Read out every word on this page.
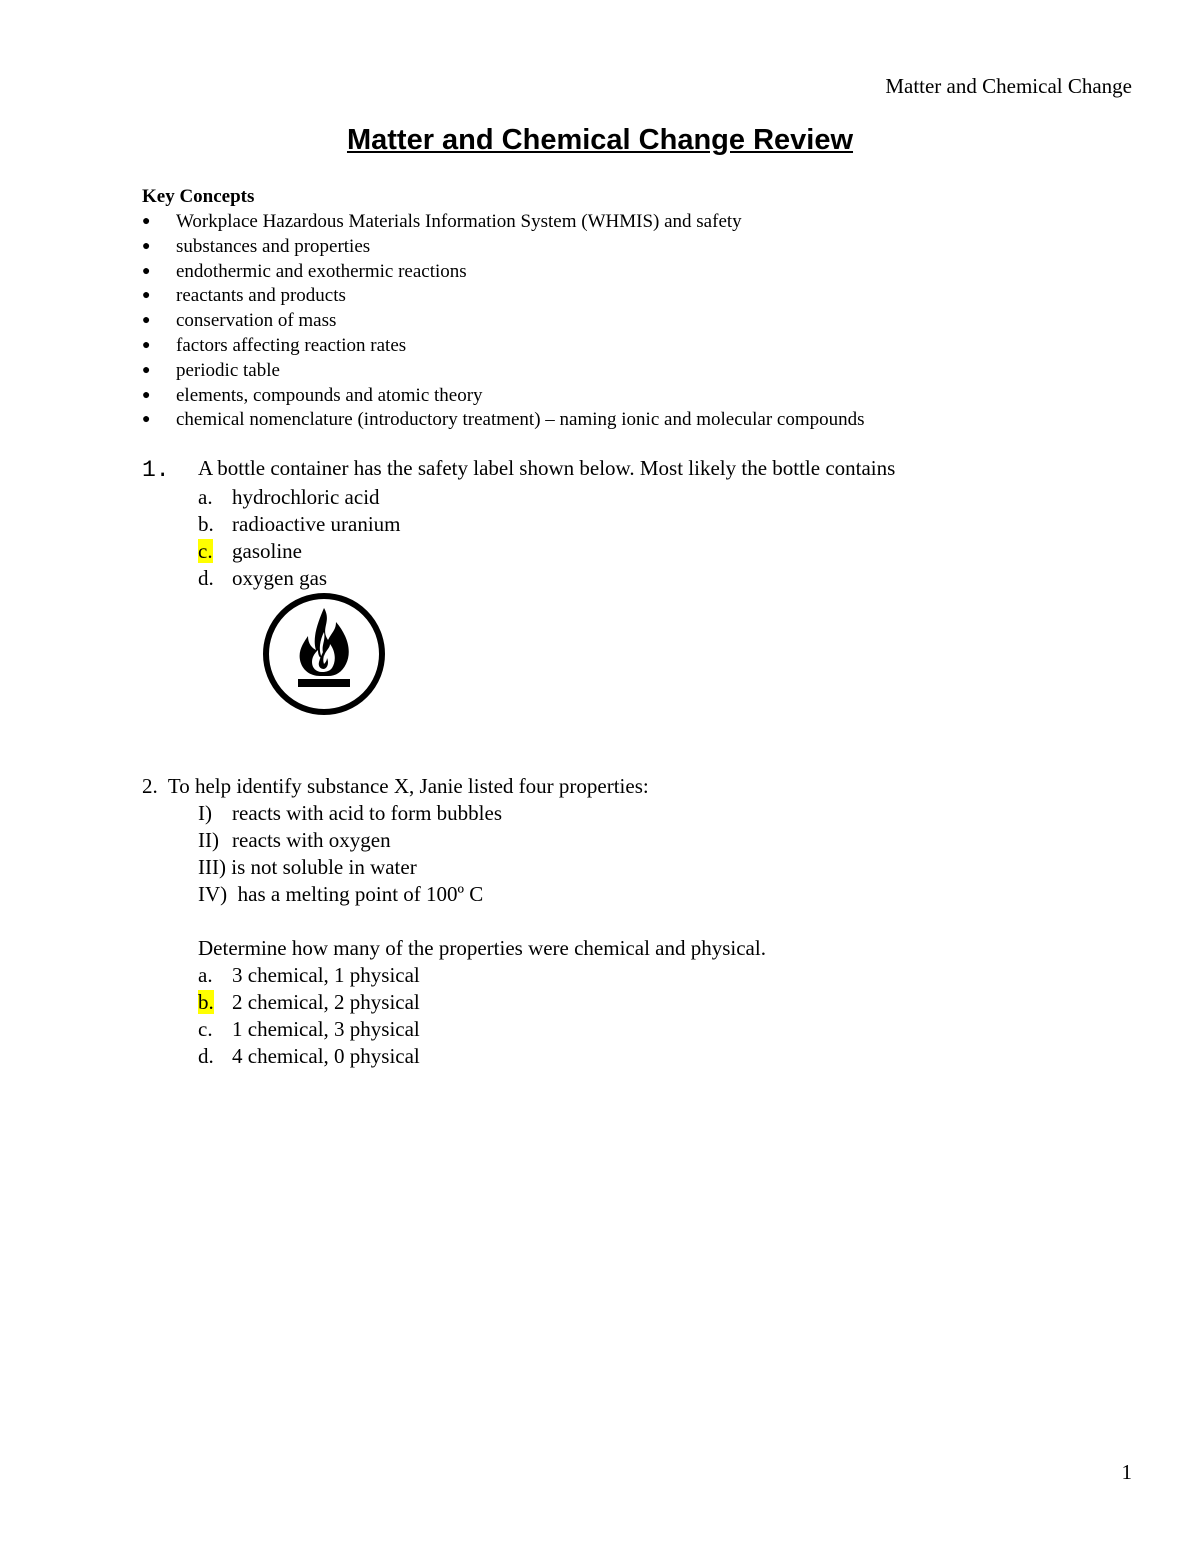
Matter and Chemical Change
Matter and Chemical Change Review
Key Concepts
●	Workplace Hazardous Materials Information System (WHMIS) and safety
●	substances and properties
●	endothermic and exothermic reactions
●	reactants and products
●	conservation of mass
●	factors affecting reaction rates
●	periodic table
●	elements, compounds and atomic theory
●	chemical nomenclature (introductory treatment) – naming ionic and molecular compounds
1. A bottle container has the safety label shown below. Most likely the bottle contains
a. hydrochloric acid
b. radioactive uranium
c. gasoline
d. oxygen gas
2. To help identify substance X, Janie listed four properties:
I) reacts with acid to form bubbles
II) reacts with oxygen
III) is not soluble in water
IV) has a melting point of 100º C
Determine how many of the properties were chemical and physical.
a. 3 chemical, 1 physical
b. 2 chemical, 2 physical
c. 1 chemical, 3 physical
d. 4 chemical, 0 physical
1
